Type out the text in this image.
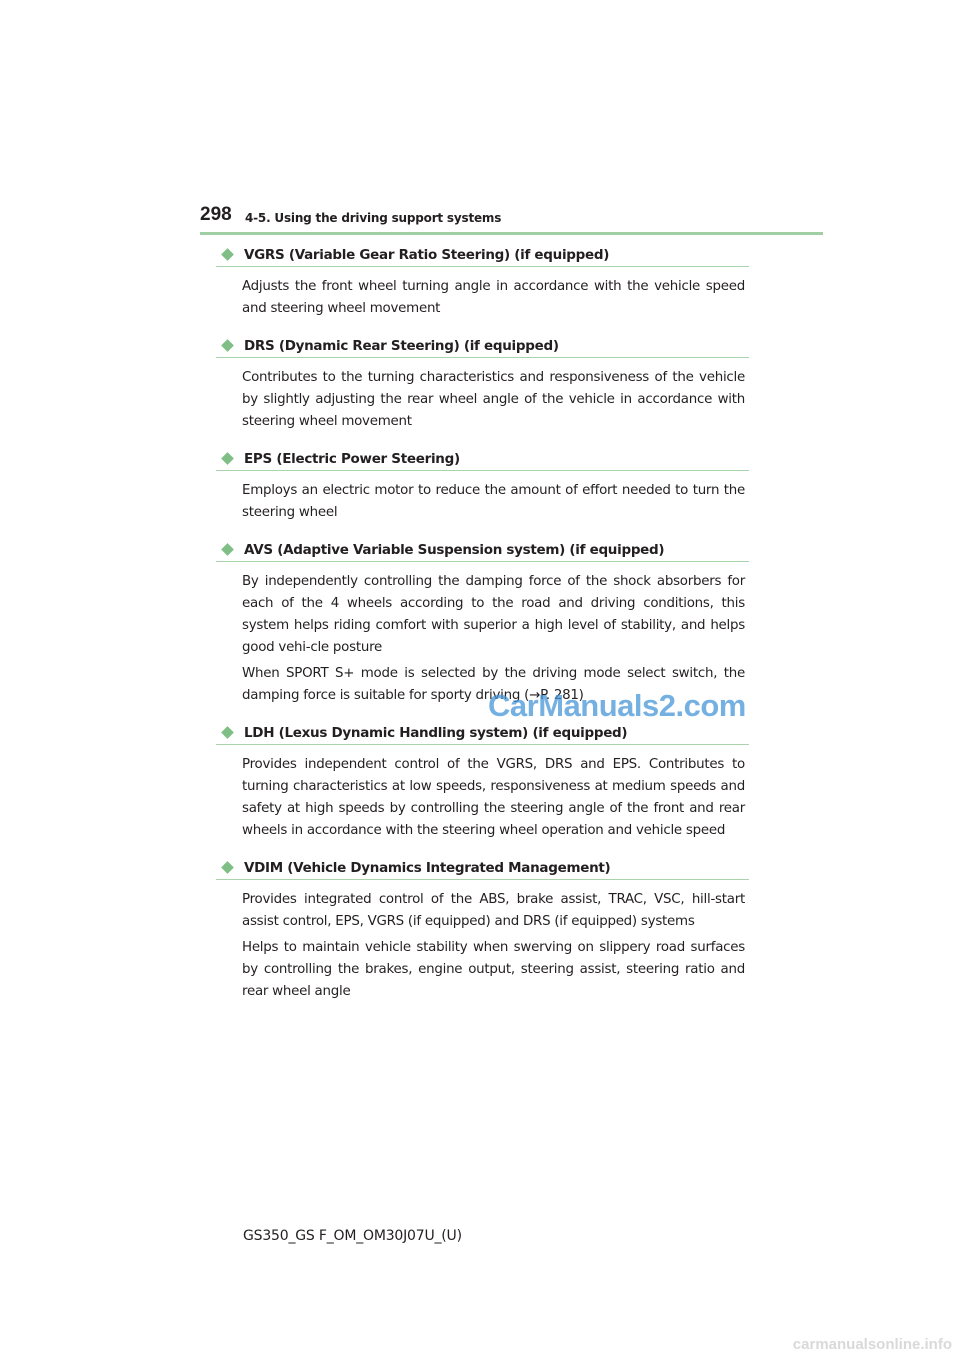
298 4-5. Using the driving support systems
VGRS (Variable Gear Ratio Steering) (if equipped)

Adjusts the front wheel turning angle in accordance with the vehicle speed and steering wheel movement

DRS (Dynamic Rear Steering) (if equipped)

Contributes to the turning characteristics and responsiveness of the vehicle by slightly adjusting the rear wheel angle of the vehicle in accordance with steering wheel movement

EPS (Electric Power Steering)

Employs an electric motor to reduce the amount of effort needed to turn the steering wheel

AVS (Adaptive Variable Suspension system) (if equipped)

By independently controlling the damping force of the shock absorbers for each of the 4 wheels according to the road and driving conditions, this system helps riding comfort with superior a high level of stability, and helps good vehi-cle posture

When SPORT S+ mode is selected by the driving mode select switch, the damping force is suitable for sporty driving (→P. 281)

LDH (Lexus Dynamic Handling system) (if equipped)

Provides independent control of the VGRS, DRS and EPS. Contributes to turning characteristics at low speeds, responsiveness at medium speeds and safety at high speeds by controlling the steering angle of the front and rear wheels in accordance with the steering wheel operation and vehicle speed

VDIM (Vehicle Dynamics Integrated Management)

Provides integrated control of the ABS, brake assist, TRAC, VSC, hill-start assist control, EPS, VGRS (if equipped) and DRS (if equipped) systems

Helps to maintain vehicle stability when swerving on slippery road surfaces by controlling the brakes, engine output, steering assist, steering ratio and rear wheel angle

CarManuals2.com
GS350_GS F_OM_OM30J07U_(U)
carmanualsonline.info
